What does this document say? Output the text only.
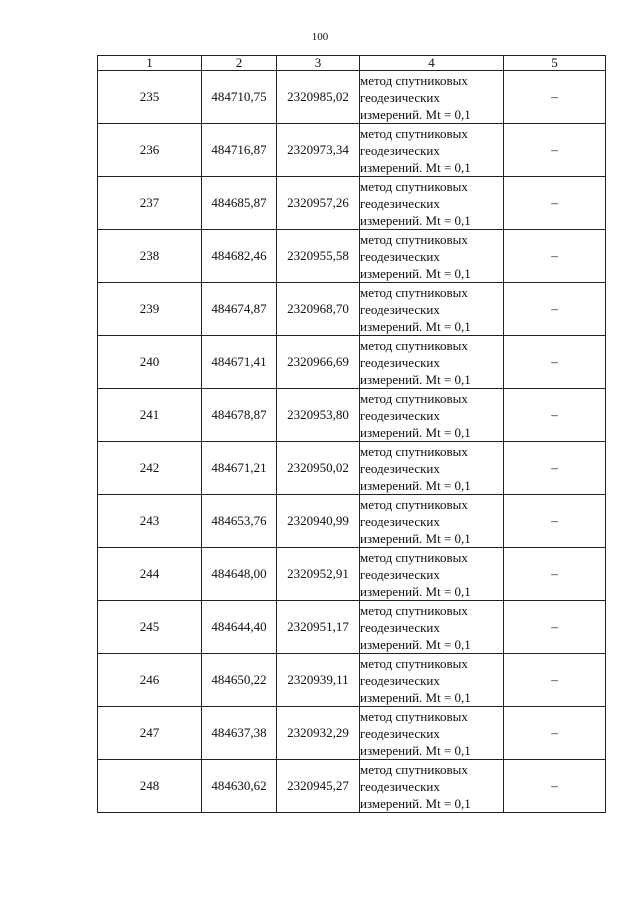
100
1	2	3	4	5
235	484710,75	2320985,02	метод спутниковых
геодезических
измерений. Mt = 0,1	–
236	484716,87	2320973,34	метод спутниковых
геодезических
измерений. Mt = 0,1	–
237	484685,87	2320957,26	метод спутниковых
геодезических
измерений. Mt = 0,1	–
238	484682,46	2320955,58	метод спутниковых
геодезических
измерений. Mt = 0,1	–
239	484674,87	2320968,70	метод спутниковых
геодезических
измерений. Mt = 0,1	–
240	484671,41	2320966,69	метод спутниковых
геодезических
измерений. Mt = 0,1	–
241	484678,87	2320953,80	метод спутниковых
геодезических
измерений. Mt = 0,1	–
242	484671,21	2320950,02	метод спутниковых
геодезических
измерений. Mt = 0,1	–
243	484653,76	2320940,99	метод спутниковых
геодезических
измерений. Mt = 0,1	–
244	484648,00	2320952,91	метод спутниковых
геодезических
измерений. Mt = 0,1	–
245	484644,40	2320951,17	метод спутниковых
геодезических
измерений. Mt = 0,1	–
246	484650,22	2320939,11	метод спутниковых
геодезических
измерений. Mt = 0,1	–
247	484637,38	2320932,29	метод спутниковых
геодезических
измерений. Mt = 0,1	–
248	484630,62	2320945,27	метод спутниковых
геодезических
измерений. Mt = 0,1	–
